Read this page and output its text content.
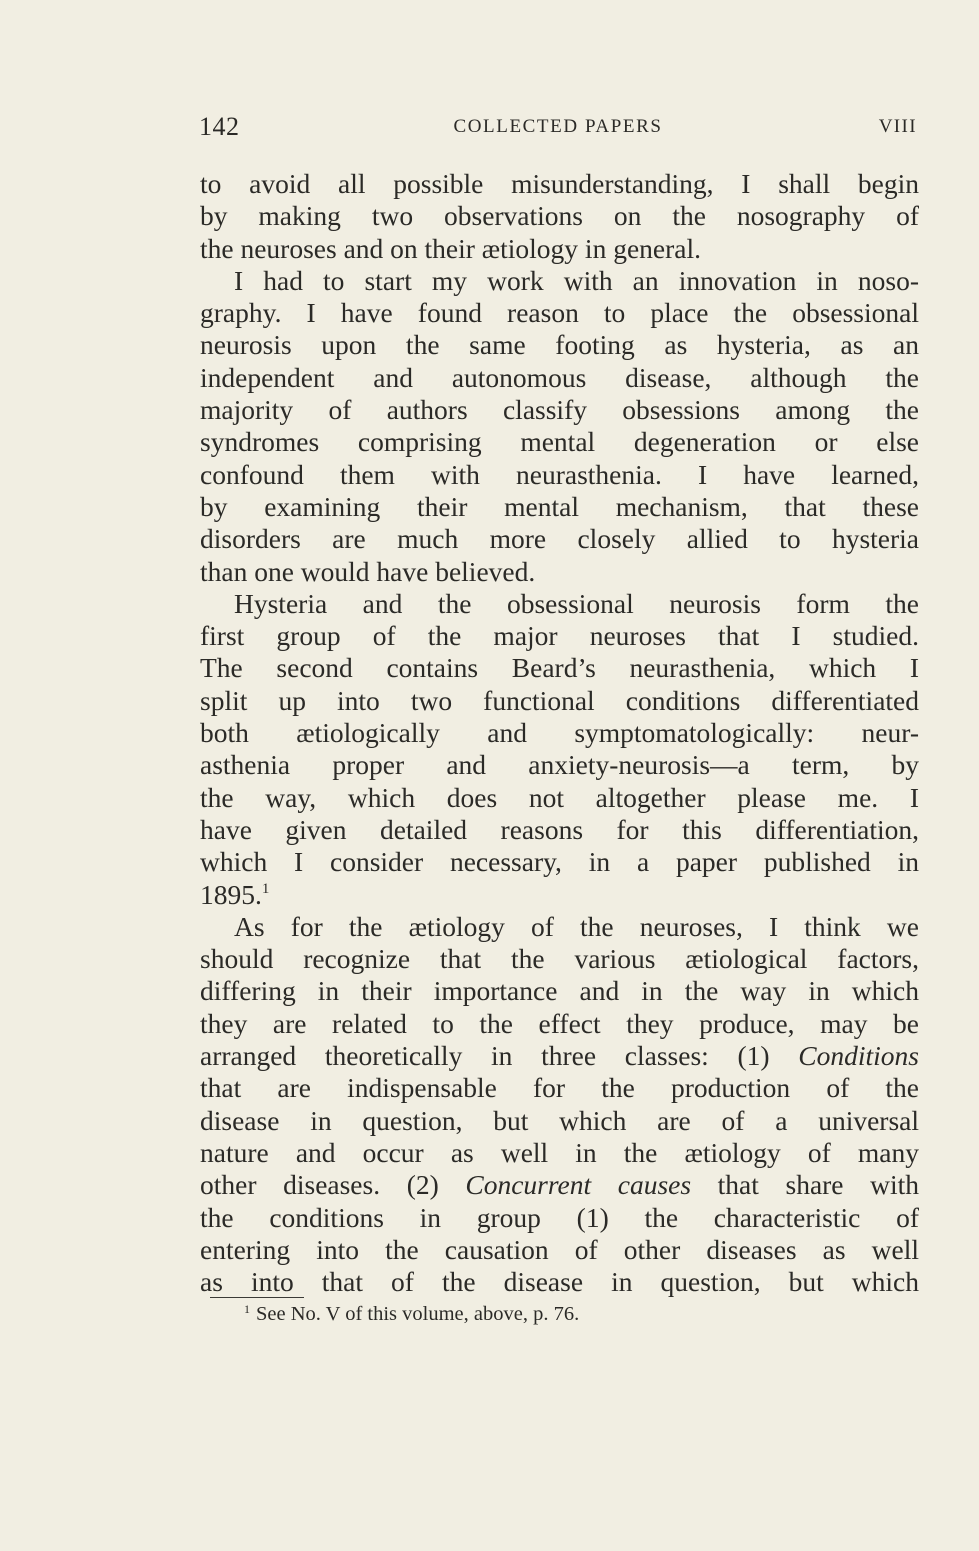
142	COLLECTED PAPERS	VIII
to avoid all possible misunderstanding, I shall begin
by making two observations on the nosography of
the neuroses and on their ætiology in general.
I had to start my work with an innovation in noso-
graphy. I have found reason to place the obsessional
neurosis upon the same footing as hysteria, as an
independent and autonomous disease, although the
majority of authors classify obsessions among the
syndromes comprising mental degeneration or else
confound them with neurasthenia. I have learned,
by examining their mental mechanism, that these
disorders are much more closely allied to hysteria
than one would have believed.
Hysteria and the obsessional neurosis form the
first group of the major neuroses that I studied.
The second contains Beard’s neurasthenia, which I
split up into two functional conditions differentiated
both ætiologically and symptomatologically: neur-
asthenia proper and anxiety-neurosis—a term, by
the way, which does not altogether please me. I
have given detailed reasons for this differentiation,
which I consider necessary, in a paper published in
1895.$^1$
As for the ætiology of the neuroses, I think we
should recognize that the various ætiological factors,
differing in their importance and in the way in which
they are related to the effect they produce, may be
arranged theoretically in three classes: (1) Conditions
that are indispensable for the production of the
disease in question, but which are of a universal
nature and occur as well in the ætiology of many
other diseases. (2) Concurrent causes that share with
the conditions in group (1) the characteristic of
entering into the causation of other diseases as well
as into that of the disease in question, but which
$^1$ See No. V of this volume, above, p. 76.
